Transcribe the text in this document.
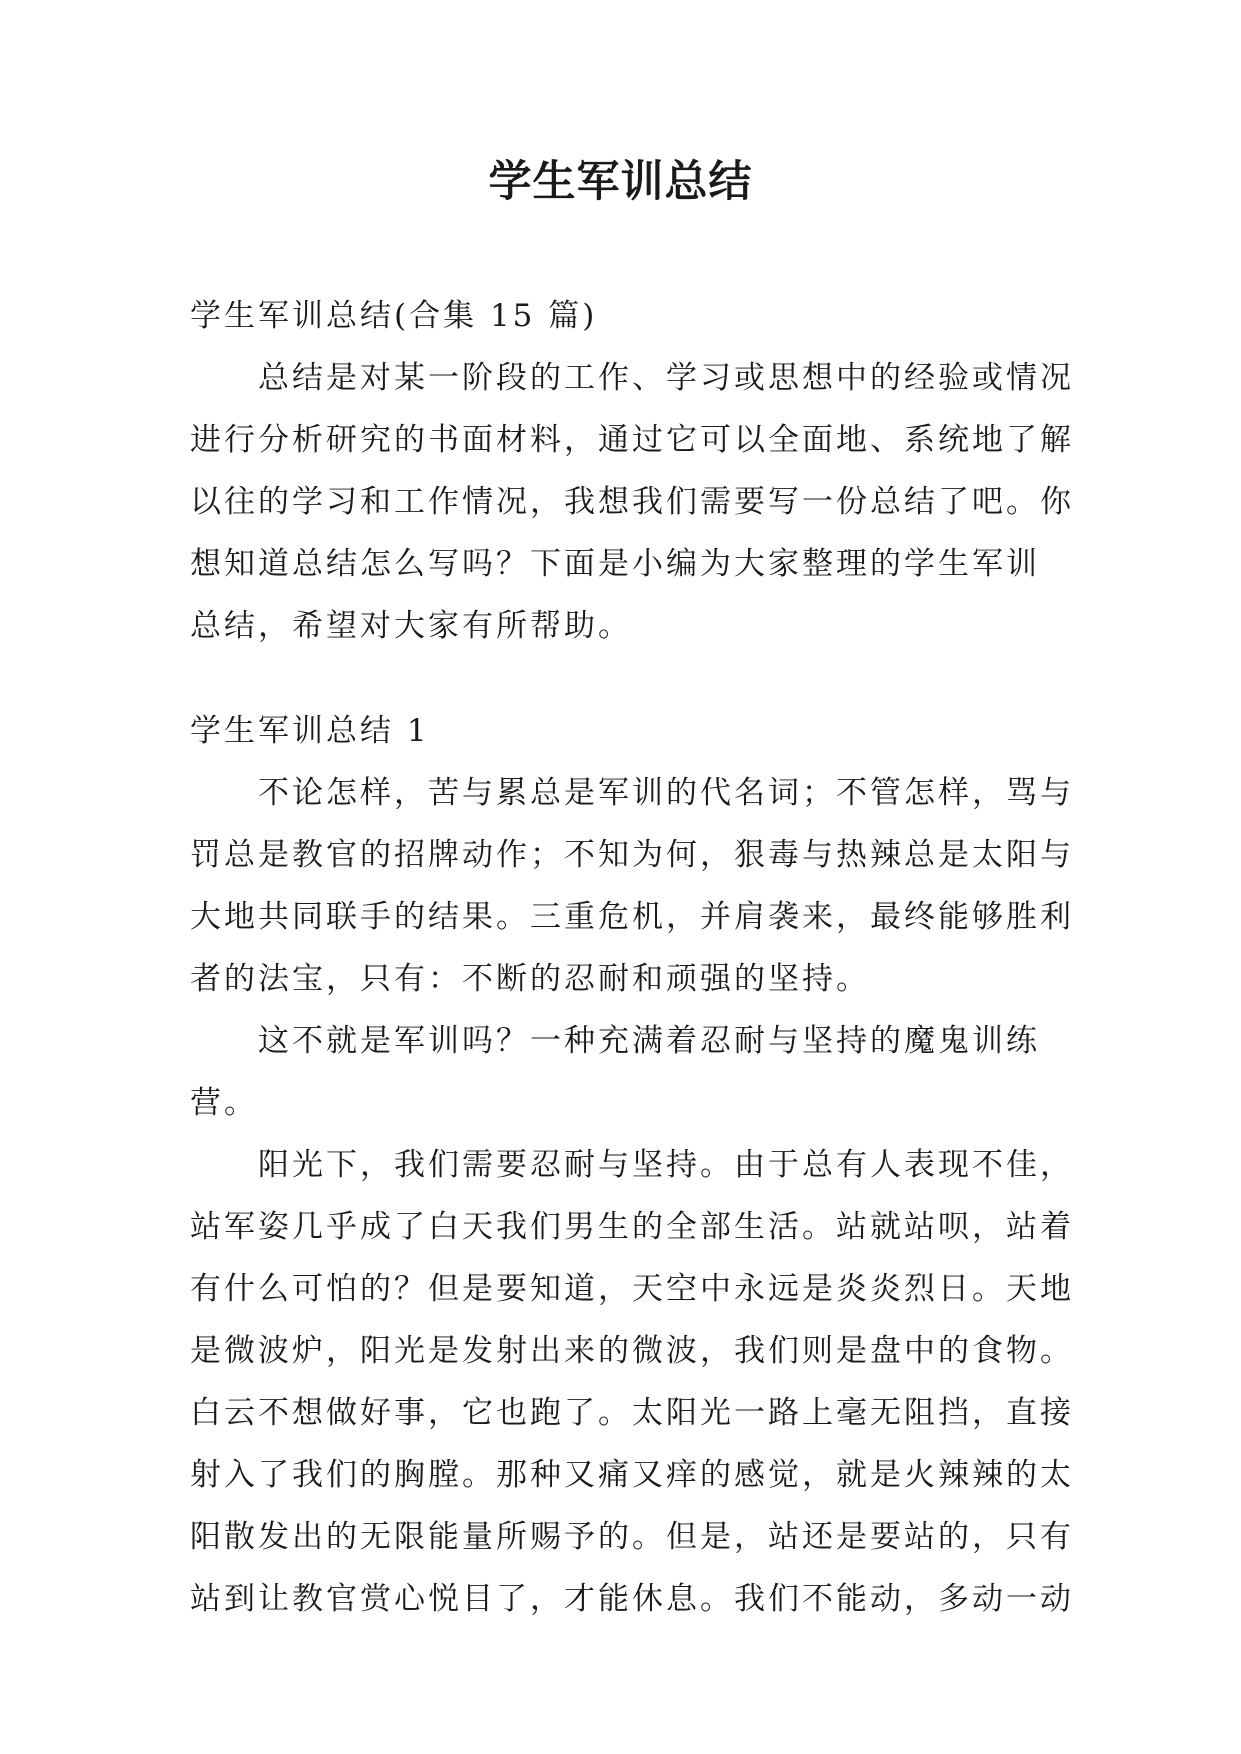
学生军训总结
学生军训总结(合集 15 篇)
总结是对某一阶段的工作、学习或思想中的经验或情况
进行分析研究的书面材料，通过它可以全面地、系统地了解
以往的学习和工作情况，我想我们需要写一份总结了吧。你
想知道总结怎么写吗？下面是小编为大家整理的学生军训
总结，希望对大家有所帮助。
学生军训总结 1
不论怎样，苦与累总是军训的代名词；不管怎样，骂与
罚总是教官的招牌动作；不知为何，狠毒与热辣总是太阳与
大地共同联手的结果。三重危机，并肩袭来，最终能够胜利
者的法宝，只有：不断的忍耐和顽强的坚持。
这不就是军训吗？一种充满着忍耐与坚持的魔鬼训练
营。
阳光下，我们需要忍耐与坚持。由于总有人表现不佳，
站军姿几乎成了白天我们男生的全部生活。站就站呗，站着
有什么可怕的？但是要知道，天空中永远是炎炎烈日。天地
是微波炉，阳光是发射出来的微波，我们则是盘中的食物。
白云不想做好事，它也跑了。太阳光一路上毫无阻挡，直接
射入了我们的胸膛。那种又痛又痒的感觉，就是火辣辣的太
阳散发出的无限能量所赐予的。但是，站还是要站的，只有
站到让教官赏心悦目了，才能休息。我们不能动，多动一动
